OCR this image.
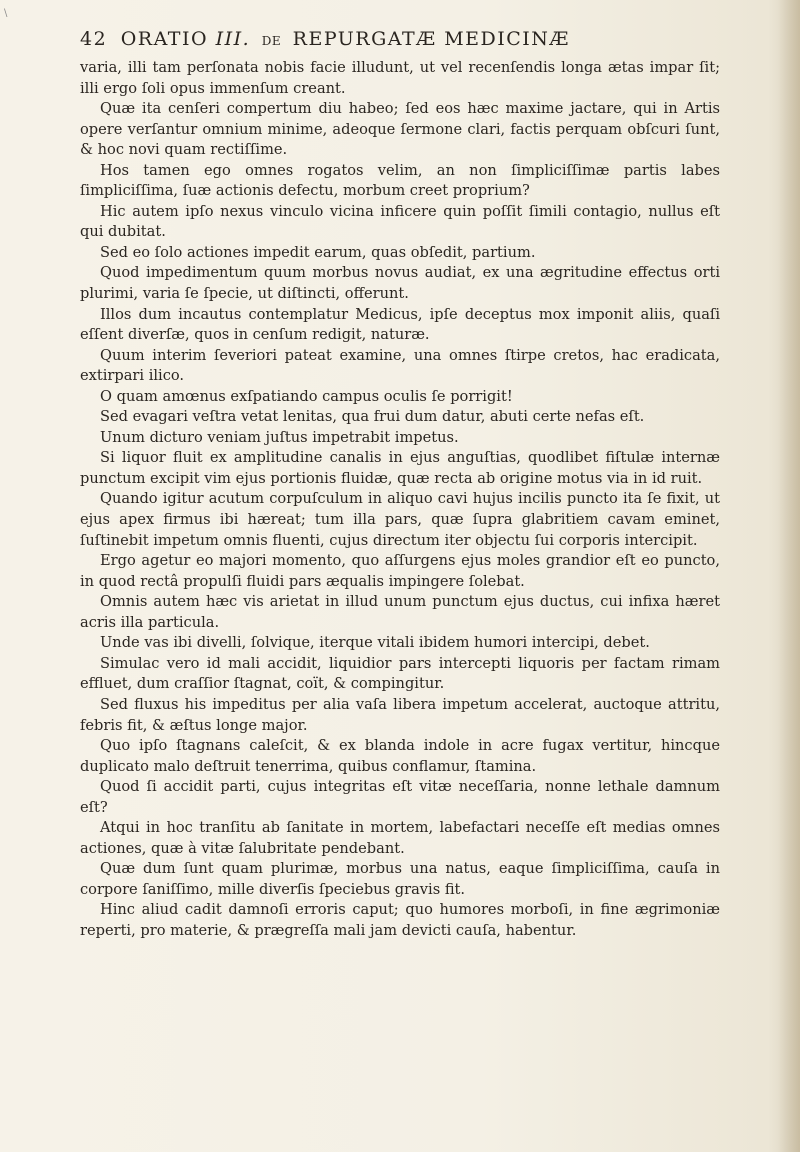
\
42 ORATIO III. DE REPURGATÆ MEDICINÆ

varia, illi tam perſonata nobis facie illudunt, ut vel recenſendis longa ætas impar ſit; illi ergo ſoli opus immenſum creant.

Quæ ita cenſeri compertum diu habeo; ſed eos hæc maxime jactare, qui in Artis opere verſantur omnium minime, adeoque ſermone clari, factis perquam obſcuri ſunt, & hoc novi quam rectiſſime.

Hos tamen ego omnes rogatos velim, an non ſimpliciſſimæ partis labes ſimpliciſſima, ſuæ actionis defectu, morbum creet proprium?

Hic autem ipſo nexus vinculo vicina inficere quin poſſit ſimili contagio, nullus eſt qui dubitat.

Sed eo ſolo actiones impedit earum, quas obſedit, partium.

Quod impedimentum quum morbus novus audiat, ex una ægritudine effectus orti plurimi, varia ſe ſpecie, ut diſtincti, offerunt.

Illos dum incautus contemplatur Medicus, ipſe deceptus mox imponit aliis, quaſi eſſent diverſæ, quos in cenſum redigit, naturæ.

Quum interim ſeveriori pateat examine, una omnes ſtirpe cretos, hac eradicata, extirpari ilico.

O quam amœnus exſpatiando campus oculis ſe porrigit!

Sed evagari veſtra vetat lenitas, qua frui dum datur, abuti certe nefas eſt.

Unum dicturo veniam juſtus impetrabit impetus.

Si liquor fluit ex amplitudine canalis in ejus anguſtias, quodlibet fiſtulæ internæ punctum excipit vim ejus portionis fluidæ, quæ recta ab origine motus via in id ruit.

Quando igitur acutum corpuſculum in aliquo cavi hujus incilis puncto ita ſe fixit, ut ejus apex firmus ibi hæreat; tum illa pars, quæ ſupra glabritiem cavam eminet, ſuſtinebit impetum omnis fluenti, cujus directum iter objectu ſui corporis intercipit.

Ergo agetur eo majori momento, quo aſſurgens ejus moles grandior eſt eo puncto, in quod rectâ propulſi fluidi pars æqualis impingere ſolebat.

Omnis autem hæc vis arietat in illud unum punctum ejus ductus, cui infixa hæret acris illa particula.

Unde vas ibi divelli, ſolvique, iterque vitali ibidem humori intercipi, debet.

Simulac vero id mali accidit, liquidior pars intercepti liquoris per factam rimam effluet, dum craſſior ſtagnat, coït, & compingitur.

Sed fluxus his impeditus per alia vaſa libera impetum accelerat, auctoque attritu, febris fit, & æſtus longe major.

Quo ipſo ſtagnans caleſcit, & ex blanda indole in acre fugax vertitur, hincque duplicato malo deſtruit tenerrima, quibus conflamur, ſtamina.

Quod ſi accidit parti, cujus integritas eſt vitæ neceſſaria, nonne lethale damnum eſt?

Atqui in hoc tranſitu ab ſanitate in mortem, labefactari neceſſe eſt medias omnes actiones, quæ à vitæ ſalubritate pendebant.

Quæ dum ſunt quam plurimæ, morbus una natus, eaque ſimpliciſſima, cauſa in corpore ſaniſſimo, mille diverſis ſpeciebus gravis fit.

Hinc aliud cadit damnoſi erroris caput; quo humores morboſi, in fine ægrimoniæ reperti, pro materie, & prægreſſa mali jam devicti cauſa, habentur.
